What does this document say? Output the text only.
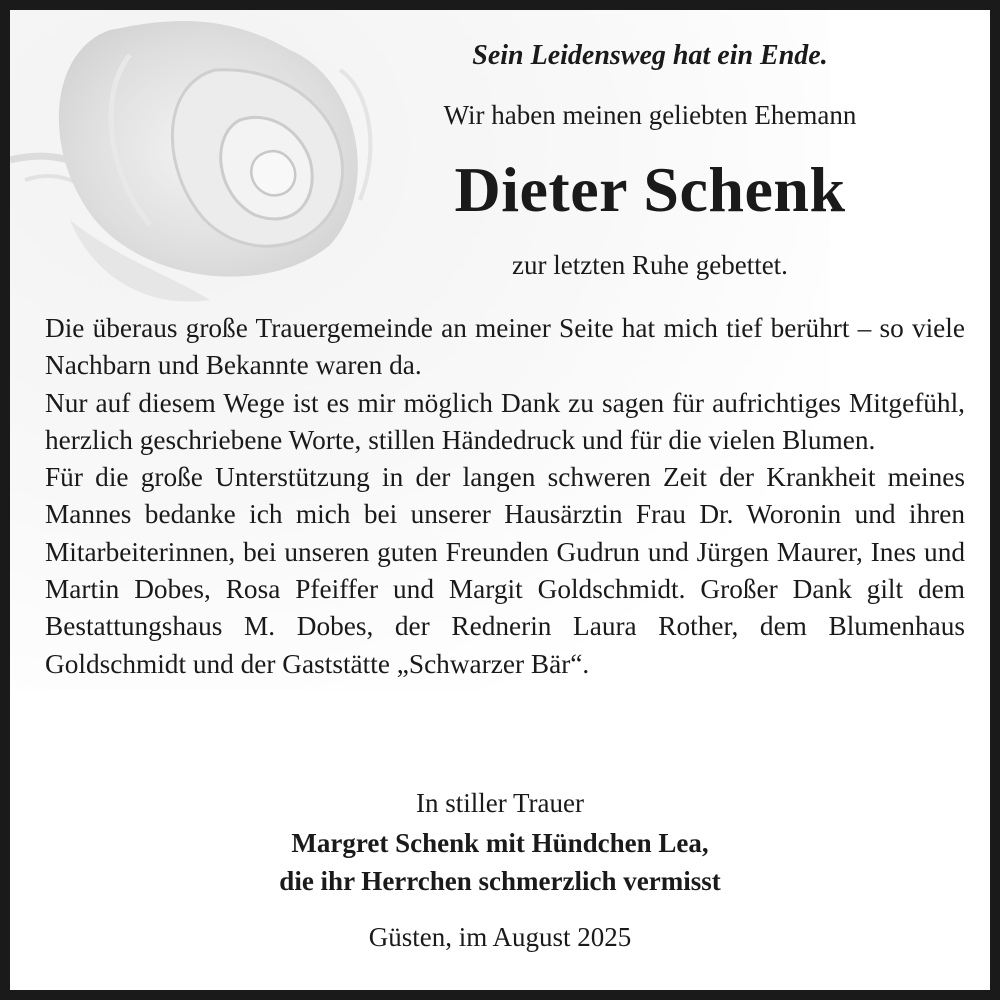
Sein Leidensweg hat ein Ende.
Wir haben meinen geliebten Ehemann
Dieter Schenk
zur letzten Ruhe gebettet.

Die überaus große Trauergemeinde an meiner Seite hat mich tief berührt – so viele Nachbarn und Bekannte waren da.

Nur auf diesem Wege ist es mir möglich Dank zu sagen für aufrichtiges Mitgefühl, herzlich geschriebene Worte, stillen Händedruck und für die vielen Blumen.

Für die große Unterstützung in der langen schweren Zeit der Krankheit meines Mannes bedanke ich mich bei unserer Hausärztin Frau Dr. Woronin und ihren Mitarbeiterinnen, bei unseren guten Freunden Gudrun und Jürgen Maurer, Ines und Martin Dobes, Rosa Pfeiffer und Margit Goldschmidt. Großer Dank gilt dem Bestattungshaus M. Dobes, der Rednerin Laura Rother, dem Blumenhaus Goldschmidt und der Gaststätte „Schwarzer Bär“.

In stiller Trauer
Margret Schenk mit Hündchen Lea,
die ihr Herrchen schmerzlich vermisst
Güsten, im August 2025
